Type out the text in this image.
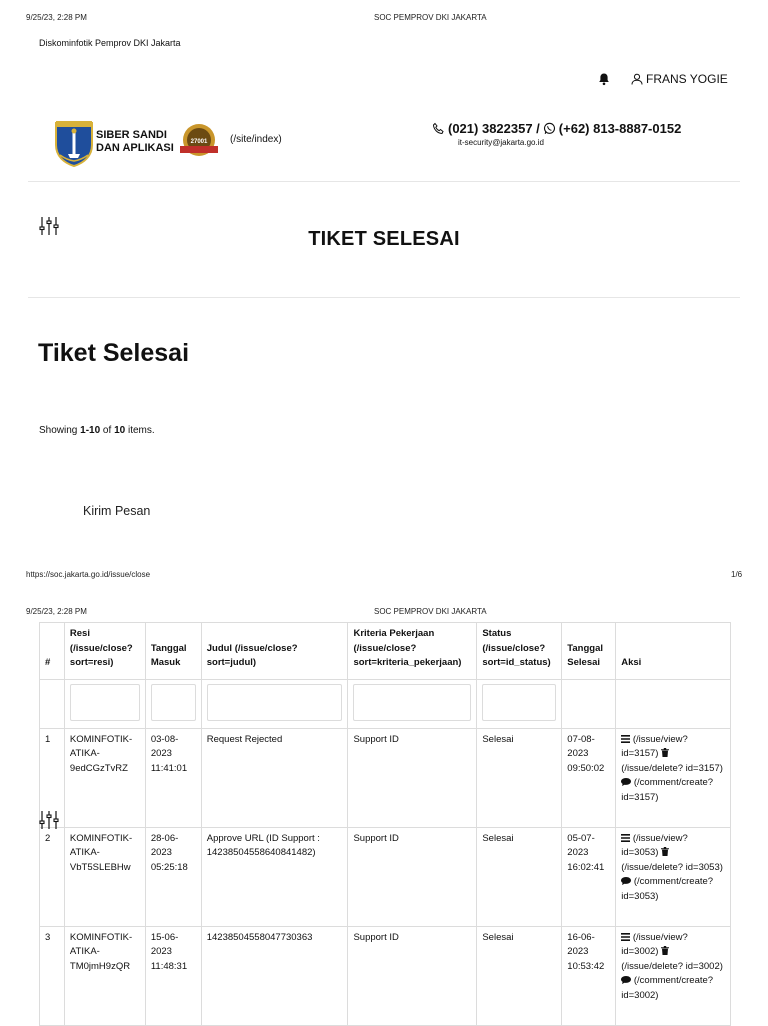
9/25/23, 2:28 PM	SOC PEMPROV DKI JAKARTA
Diskominfotik Pemprov DKI Jakarta
FRANS YOGIE
SIBER SANDI
DAN APLIKASI	27001 (/site/index)
(021) 3822357 / (+62) 813-8887-0152
it-security@jakarta.go.id
TIKET SELESAI
Tiket Selesai
Showing 1-10 of 10 items.
Kirim Pesan
https://soc.jakarta.go.id/issue/close	1/6
9/25/23, 2:28 PM	SOC PEMPROV DKI JAKARTA
#	Resi (/issue/close? sort=resi)	Tanggal Masuk	Judul (/issue/close? sort=judul)	Kriteria Pekerjaan (/issue/close? sort=kriteria_pekerjaan)	Status (/issue/close? sort=id_status)	Tanggal Selesai	Aksi

1	KOMINFOTIK-ATIKA-9edCGzTvRZ	03-08-2023 11:41:01	Request Rejected	Support ID	Selesai	07-08-2023 09:50:02	(/issue/view? id=3157)  (/issue/delete? id=3157)  (/comment/create? id=3157)
2	KOMINFOTIK-ATIKA-VbT5SLEBHw	28-06-2023 05:25:18	Approve URL (ID Support : 14238504558640841482)	Support ID	Selesai	05-07-2023 16:02:41	(/issue/view? id=3053)  (/issue/delete? id=3053)  (/comment/create? id=3053)
3	KOMINFOTIK-ATIKA-TM0jmH9zQR	15-06-2023 11:48:31	14238504558047730363	Support ID	Selesai	16-06-2023 10:53:42	(/issue/view? id=3002)  (/issue/delete? id=3002)  (/comment/create? id=3002)
